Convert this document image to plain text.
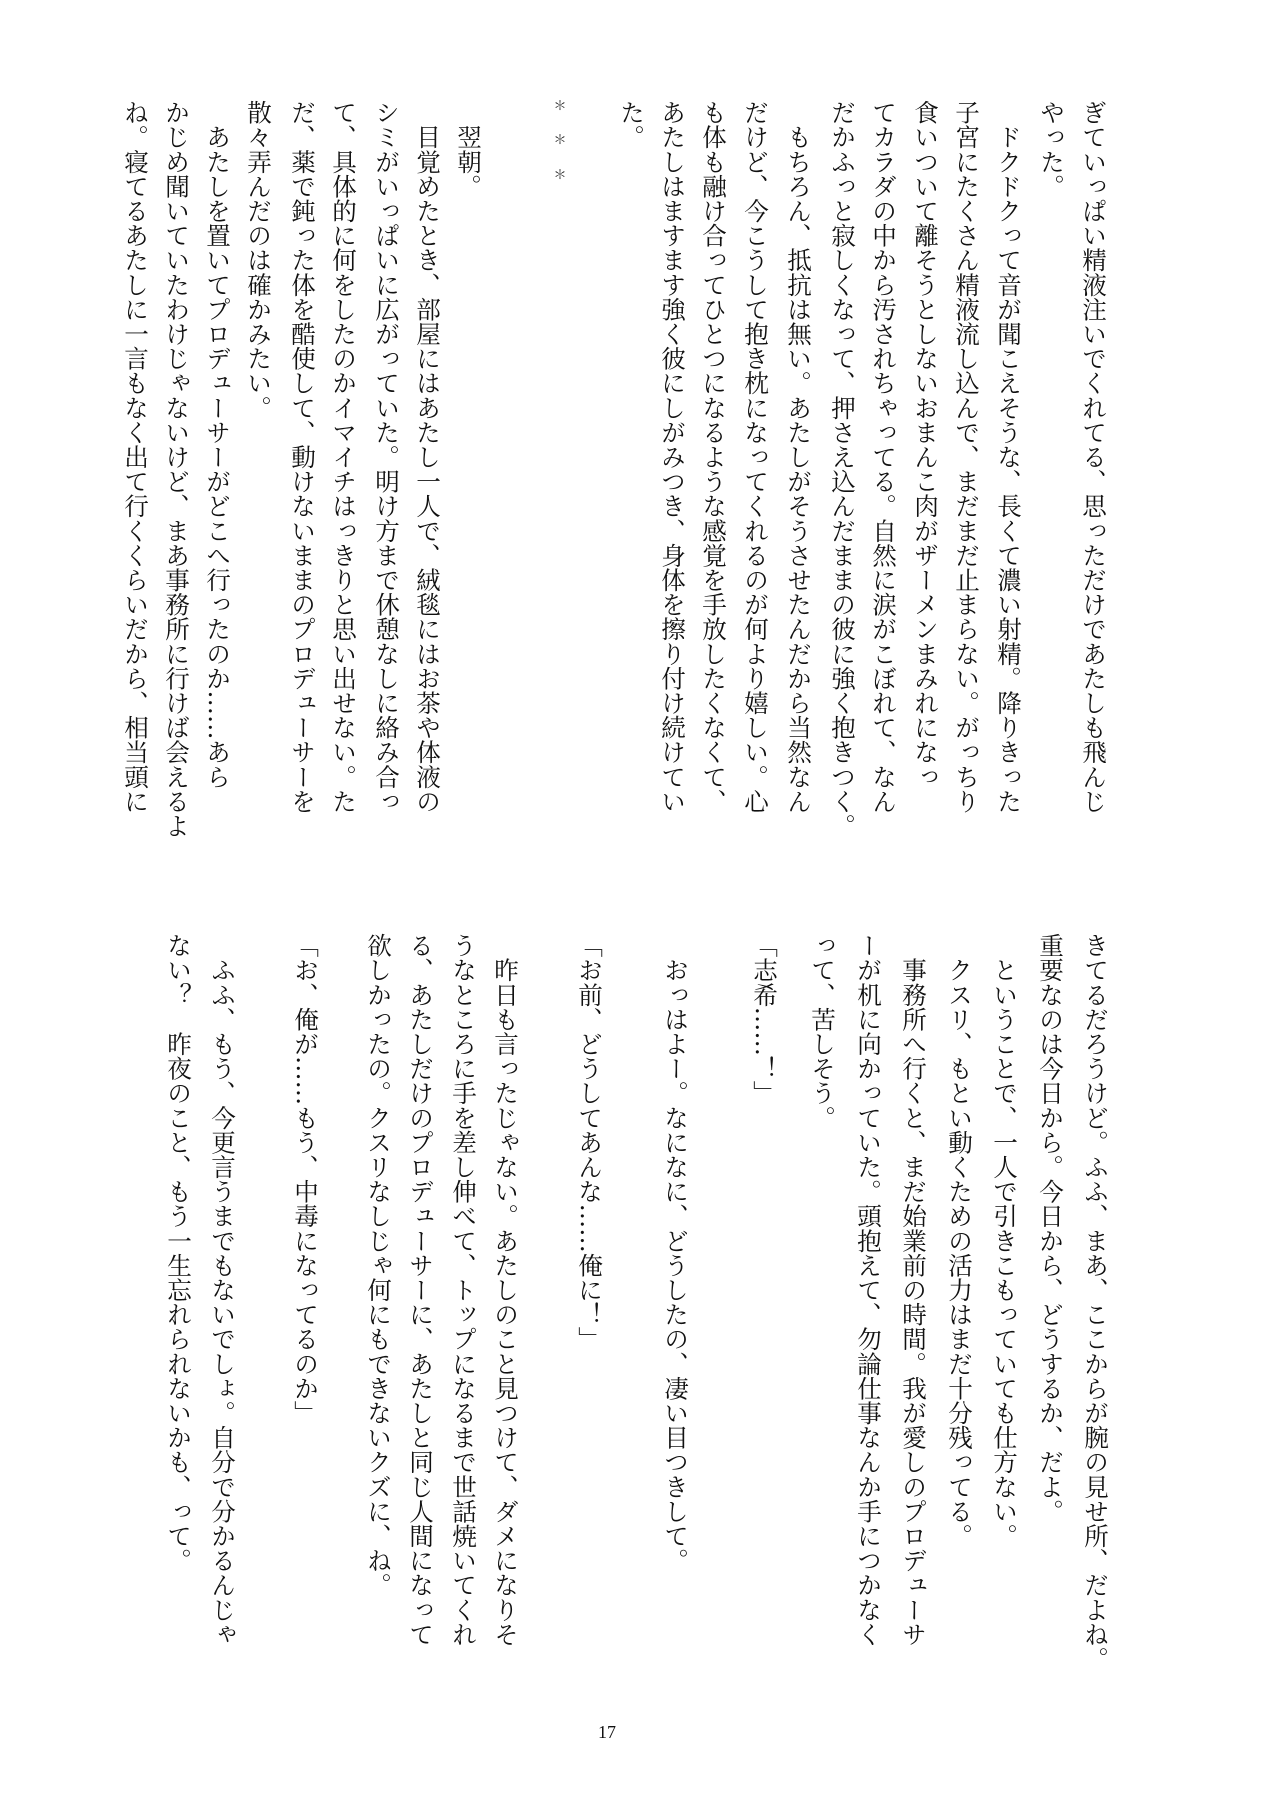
ぎていっぱい精液注いでくれてる、思っただけであたしも飛んじ
やった。
　ドクドクって音が聞こえそうな、長くて濃い射精。降りきった
子宮にたくさん精液流し込んで、まだまだ止まらない。がっちり
食いついて離そうとしないおまんこ肉がザーメンまみれになっ
てカラダの中から汚されちゃってる。自然に涙がこぼれて、なん
だかふっと寂しくなって、押さえ込んだままの彼に強く抱きつく。
　もちろん、抵抗は無い。あたしがそうさせたんだから当然なん
だけど、今こうして抱き枕になってくれるのが何より嬉しい。心
も体も融け合ってひとつになるような感覚を手放したくなくて、
あたしはますます強く彼にしがみつき、身体を擦り付け続けてい
た。
　翌朝。
　目覚めたとき、部屋にはあたし一人で、絨毯にはお茶や体液の
シミがいっぱいに広がっていた。明け方まで休憩なしに絡み合っ
て、具体的に何をしたのかイマイチはっきりと思い出せない。た
だ、薬で鈍った体を酷使して、動けないままのプロデューサーを
散々弄んだのは確かみたい。
　あたしを置いてプロデューサーがどこへ行ったのか……あら
かじめ聞いていたわけじゃないけど、まあ事務所に行けば会えるよ
ね。寝てるあたしに一言もなく出て行くくらいだから、相当頭に	＊
＊
＊
きてるだろうけど。ふふ、まあ、ここからが腕の見せ所、だよね。
重要なのは今日から。今日から、どうするか、だよ。
　ということで、一人で引きこもっていても仕方ない。
　クスリ、もとい動くための活力はまだ十分残ってる。
　事務所へ行くと、まだ始業前の時間。我が愛しのプロデューサ
ーが机に向かっていた。頭抱えて、勿論仕事なんか手につかなく
って、苦しそう。
「志希……！」
　おっはよー。なになに、どうしたの、凄い目つきして。
「お前、どうしてあんな……俺に！」
　昨日も言ったじゃない。あたしのこと見つけて、ダメになりそ
うなところに手を差し伸べて、トップになるまで世話焼いてくれ
る、あたしだけのプロデューサーに、あたしと同じ人間になって
欲しかったの。クスリなしじゃ何にもできないクズに、ね。
「お、俺が……もう、中毒になってるのか」
　ふふ、もう、今更言うまでもないでしょ。自分で分かるんじゃ
ない？　昨夜のこと、もう一生忘れられないかも、って。
17
